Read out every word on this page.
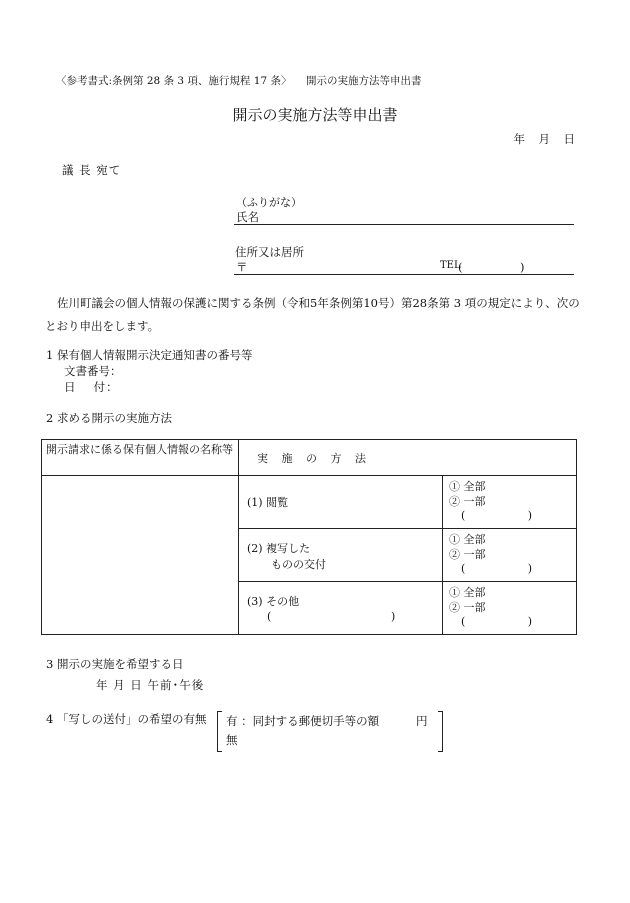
〈参考書式:条例第 28 条 3 項、施行規程 17 条〉 開示の実施方法等申出書
開示の実施方法等申出書
年　月　日
議 長 宛て
（ふりがな）
氏名
住所又は居所
〒	TEL
(　　　　　)
佐川町議会の個人情報の保護に関する条例（令和5年条例第10号）第28条第 3 項の規定により、次のとおり申出をします。
1 保有個人情報開示決定通知書の番号等
文書番号：
日　 付：
2 求める開示の実施方法
開示請求に係る保有個人情報の名称等	実 施 の 方 法	
	(1) 閲覧	① 全部
② 一部
( )

	(2) 複写した
ものの交付	① 全部
② 一部
( )

	(3) その他
( )	① 全部
② 一部
( )
3 開示の実施を希望する日
年 月 日 午前･午後
4 「写しの送付」の希望の有無 有 ：同封する郵便切手等の額	円
無
